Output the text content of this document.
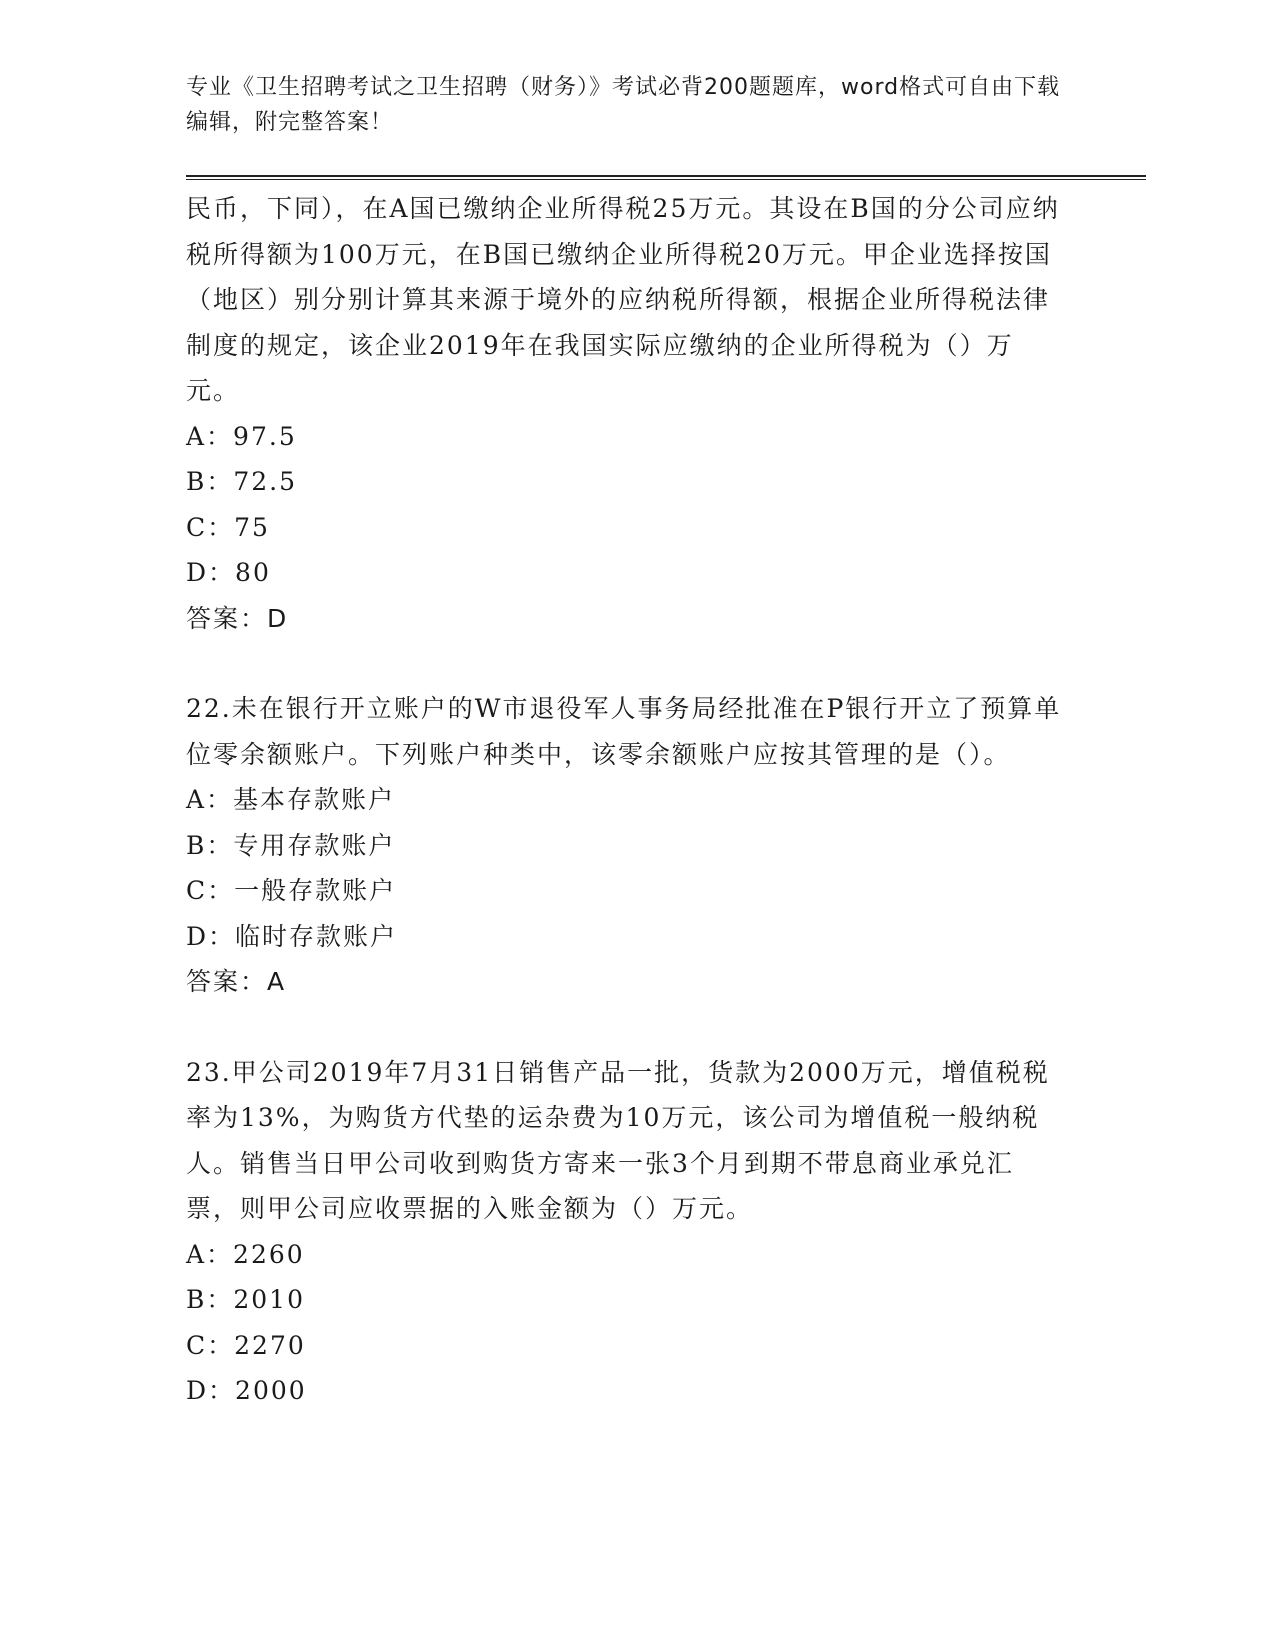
专业《卫生招聘考试之卫生招聘（财务）》考试必背200题题库，word格式可自由下载编辑，附完整答案！

民币，下同），在A国已缴纳企业所得税25万元。其设在B国的分公司应纳税所得额为100万元，在B国已缴纳企业所得税20万元。甲企业选择按国（地区）别分别计算其来源于境外的应纳税所得额，根据企业所得税法律制度的规定，该企业2019年在我国实际应缴纳的企业所得税为（）万元。

A：97.5

B：72.5

C：75

D：80

答案：D

22.未在银行开立账户的W市退役军人事务局经批准在P银行开立了预算单位零余额账户。下列账户种类中，该零余额账户应按其管理的是（）。

A：基本存款账户

B：专用存款账户

C：一般存款账户

D：临时存款账户

答案：A

23.甲公司2019年7月31日销售产品一批，货款为2000万元，增值税税率为13%，为购货方代垫的运杂费为10万元，该公司为增值税一般纳税人。销售当日甲公司收到购货方寄来一张3个月到期不带息商业承兑汇票，则甲公司应收票据的入账金额为（）万元。

A：2260

B：2010

C：2270

D：2000
